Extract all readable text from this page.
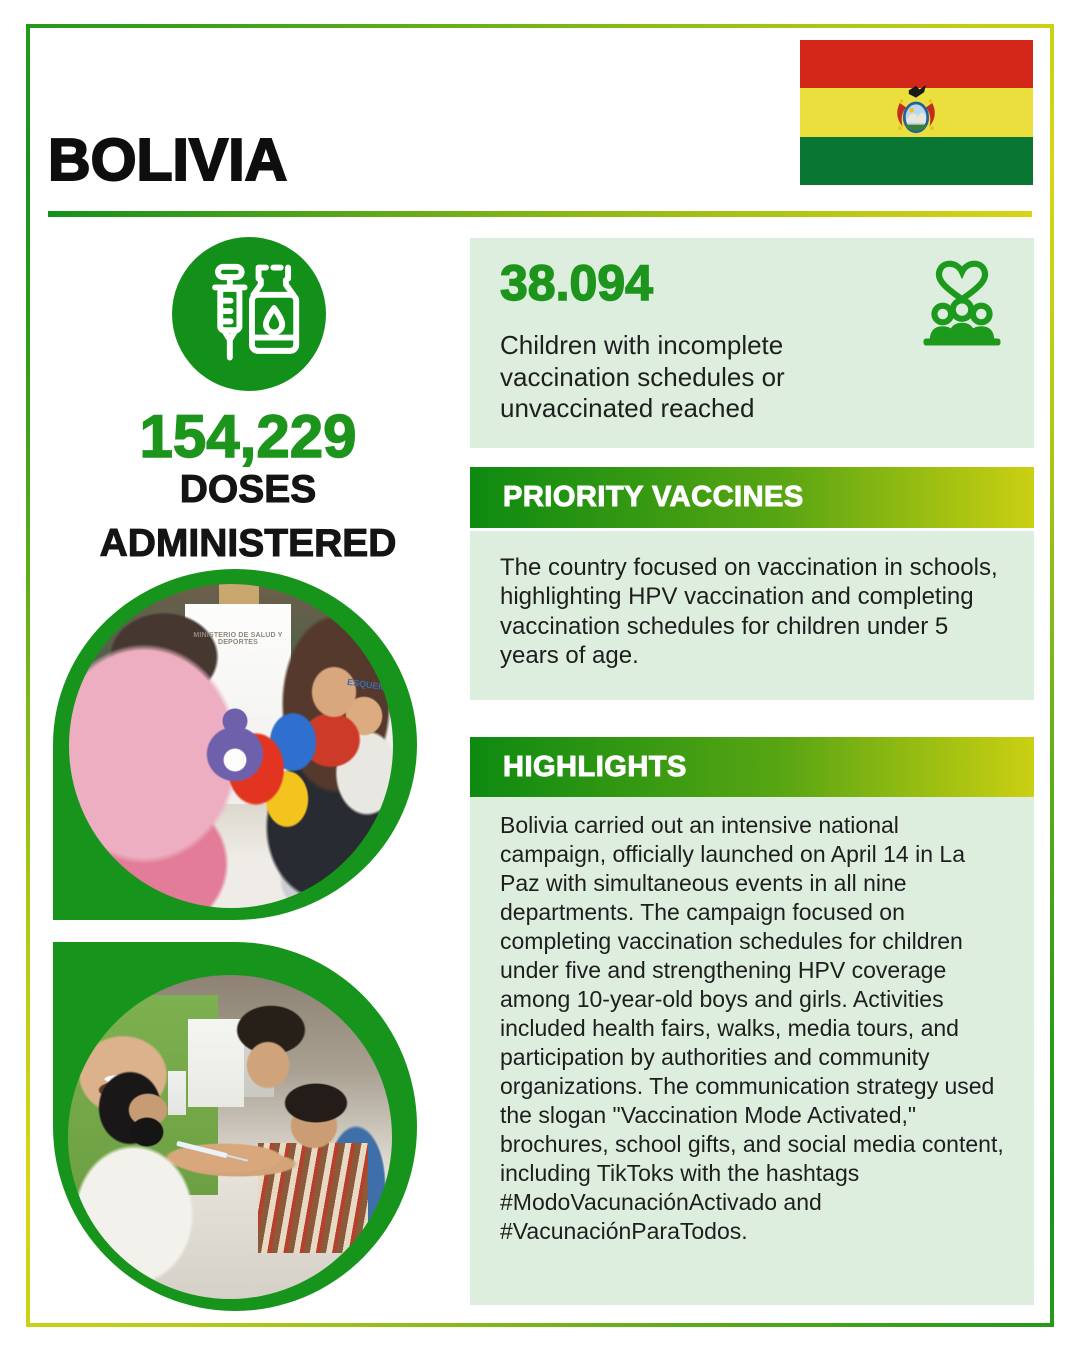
BOLIVIA
154,229
DOSES
ADMINISTERED
MINISTERIO DE SALUD Y DEPORTES
ESQUEMA
38.094
Children with incomplete vaccination schedules or unvaccinated reached
PRIORITY VACCINES
The country focused on vaccination in schools, highlighting HPV vaccination and completing vaccination schedules for children under 5 years of age.
HIGHLIGHTS
Bolivia carried out an intensive national campaign, officially launched on April 14 in La Paz with simultaneous events in all nine departments. The campaign focused on completing vaccination schedules for children under five and strengthening HPV coverage among 10-year-old boys and girls. Activities included health fairs, walks, media tours, and participation by authorities and community organizations. The communication strategy used the slogan "Vaccination Mode Activated," brochures, school gifts, and social media content, including TikToks with the hashtags #ModoVacunaciónActivado and #VacunaciónParaTodos.
